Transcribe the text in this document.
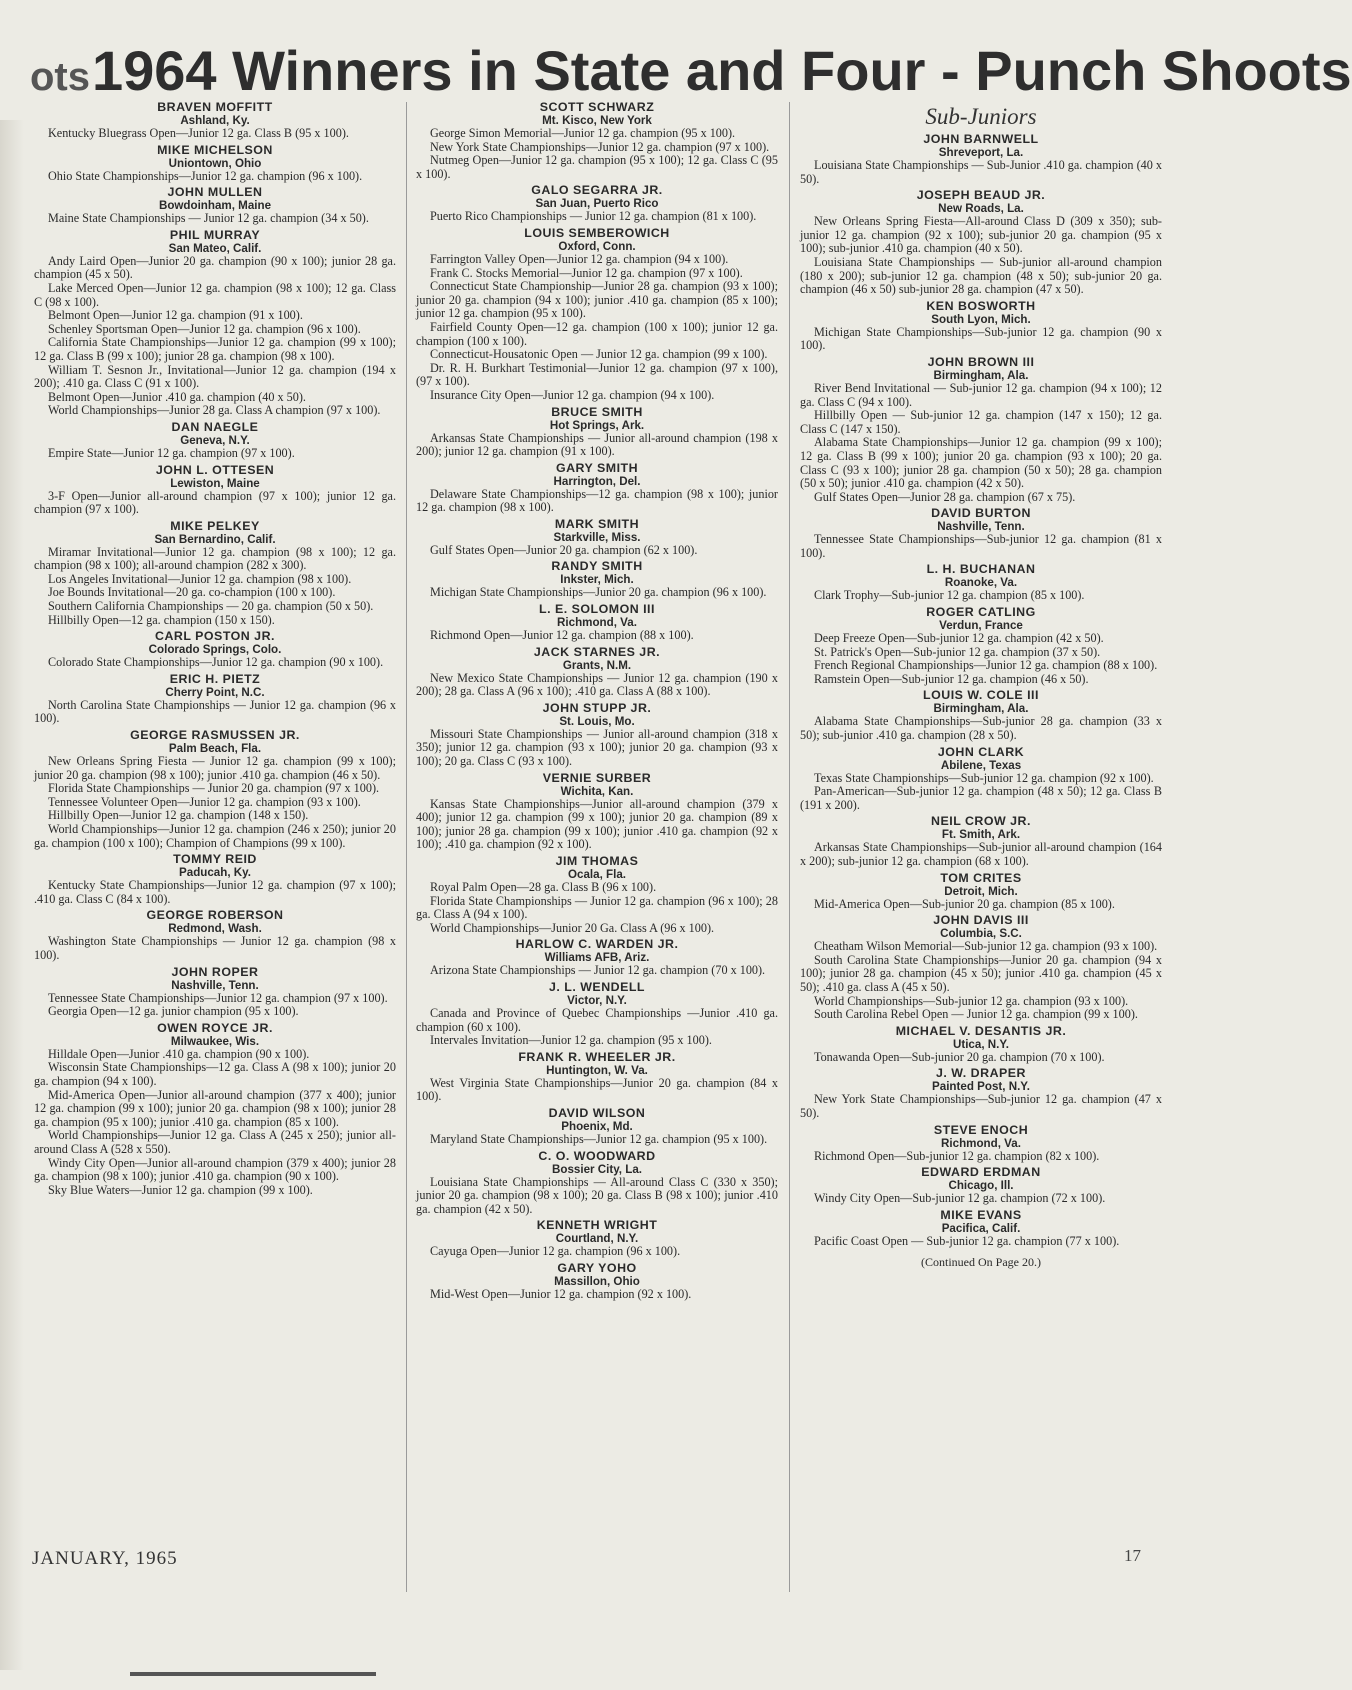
ots1964 Winners in State and Four - Punch Shoots
BRAVEN MOFFITT
Ashland, Ky.

Kentucky Bluegrass Open—Junior 12 ga. Class B (95 x 100).

MIKE MICHELSON
Uniontown, Ohio

Ohio State Championships—Junior 12 ga. champion (96 x 100).

JOHN MULLEN
Bowdoinham, Maine

Maine State Championships — Junior 12 ga. champion (34 x 50).

PHIL MURRAY
San Mateo, Calif.

Andy Laird Open—Junior 20 ga. champion (90 x 100); junior 28 ga. champion (45 x 50).

Lake Merced Open—Junior 12 ga. champion (98 x 100); 12 ga. Class C (98 x 100).

Belmont Open—Junior 12 ga. champion (91 x 100).

Schenley Sportsman Open—Junior 12 ga. champion (96 x 100).

California State Championships—Junior 12 ga. champion (99 x 100); 12 ga. Class B (99 x 100); junior 28 ga. champion (98 x 100).

William T. Sesnon Jr., Invitational—Junior 12 ga. champion (194 x 200); .410 ga. Class C (91 x 100).

Belmont Open—Junior .410 ga. champion (40 x 50).

World Championships—Junior 28 ga. Class A champion (97 x 100).

DAN NAEGLE
Geneva, N.Y.

Empire State—Junior 12 ga. champion (97 x 100).

JOHN L. OTTESEN
Lewiston, Maine

3-F Open—Junior all-around champion (97 x 100); junior 12 ga. champion (97 x 100).

MIKE PELKEY
San Bernardino, Calif.

Miramar Invitational—Junior 12 ga. champion (98 x 100); 12 ga. champion (98 x 100); all-around champion (282 x 300).

Los Angeles Invitational—Junior 12 ga. champion (98 x 100).

Joe Bounds Invitational—20 ga. co-champion (100 x 100).

Southern California Championships — 20 ga. champion (50 x 50).

Hillbilly Open—12 ga. champion (150 x 150).

CARL POSTON JR.
Colorado Springs, Colo.

Colorado State Championships—Junior 12 ga. champion (90 x 100).

ERIC H. PIETZ
Cherry Point, N.C.

North Carolina State Championships — Junior 12 ga. champion (96 x 100).

GEORGE RASMUSSEN JR.
Palm Beach, Fla.

New Orleans Spring Fiesta — Junior 12 ga. champion (99 x 100); junior 20 ga. champion (98 x 100); junior .410 ga. champion (46 x 50).

Florida State Championships — Junior 20 ga. champion (97 x 100).

Tennessee Volunteer Open—Junior 12 ga. champion (93 x 100).

Hillbilly Open—Junior 12 ga. champion (148 x 150).

World Championships—Junior 12 ga. champion (246 x 250); junior 20 ga. champion (100 x 100); Champion of Champions (99 x 100).

TOMMY REID
Paducah, Ky.

Kentucky State Championships—Junior 12 ga. champion (97 x 100); .410 ga. Class C (84 x 100).

GEORGE ROBERSON
Redmond, Wash.

Washington State Championships — Junior 12 ga. champion (98 x 100).

JOHN ROPER
Nashville, Tenn.

Tennessee State Championships—Junior 12 ga. champion (97 x 100).

Georgia Open—12 ga. junior champion (95 x 100).

OWEN ROYCE JR.
Milwaukee, Wis.

Hilldale Open—Junior .410 ga. champion (90 x 100).

Wisconsin State Championships—12 ga. Class A (98 x 100); junior 20 ga. champion (94 x 100).

Mid-America Open—Junior all-around champion (377 x 400); junior 12 ga. champion (99 x 100); junior 20 ga. champion (98 x 100); junior 28 ga. champion (95 x 100); junior .410 ga. champion (85 x 100).

World Championships—Junior 12 ga. Class A (245 x 250); junior all-around Class A (528 x 550).

Windy City Open—Junior all-around champion (379 x 400); junior 28 ga. champion (98 x 100); junior .410 ga. champion (90 x 100).

Sky Blue Waters—Junior 12 ga. champion (99 x 100).

SCOTT SCHWARZ
Mt. Kisco, New York

George Simon Memorial—Junior 12 ga. champion (95 x 100).

New York State Championships—Junior 12 ga. champion (97 x 100).

Nutmeg Open—Junior 12 ga. champion (95 x 100); 12 ga. Class C (95 x 100).

GALO SEGARRA JR.
San Juan, Puerto Rico

Puerto Rico Championships — Junior 12 ga. champion (81 x 100).

LOUIS SEMBEROWICH
Oxford, Conn.

Farrington Valley Open—Junior 12 ga. champion (94 x 100).

Frank C. Stocks Memorial—Junior 12 ga. champion (97 x 100).

Connecticut State Championship—Junior 28 ga. champion (93 x 100); junior 20 ga. champion (94 x 100); junior .410 ga. champion (85 x 100); junior 12 ga. champion (95 x 100).

Fairfield County Open—12 ga. champion (100 x 100); junior 12 ga. champion (100 x 100).

Connecticut-Housatonic Open — Junior 12 ga. champion (99 x 100).

Dr. R. H. Burkhart Testimonial—Junior 12 ga. champion (97 x 100), (97 x 100).

Insurance City Open—Junior 12 ga. champion (94 x 100).

BRUCE SMITH
Hot Springs, Ark.

Arkansas State Championships — Junior all-around champion (198 x 200); junior 12 ga. champion (91 x 100).

GARY SMITH
Harrington, Del.

Delaware State Championships—12 ga. champion (98 x 100); junior 12 ga. champion (98 x 100).

MARK SMITH
Starkville, Miss.

Gulf States Open—Junior 20 ga. champion (62 x 100).

RANDY SMITH
Inkster, Mich.

Michigan State Championships—Junior 20 ga. champion (96 x 100).

L. E. SOLOMON III
Richmond, Va.

Richmond Open—Junior 12 ga. champion (88 x 100).

JACK STARNES JR.
Grants, N.M.

New Mexico State Championships — Junior 12 ga. champion (190 x 200); 28 ga. Class A (96 x 100); .410 ga. Class A (88 x 100).

JOHN STUPP JR.
St. Louis, Mo.

Missouri State Championships — Junior all-around champion (318 x 350); junior 12 ga. champion (93 x 100); junior 20 ga. champion (93 x 100); 20 ga. Class C (93 x 100).

VERNIE SURBER
Wichita, Kan.

Kansas State Championships—Junior all-around champion (379 x 400); junior 12 ga. champion (99 x 100); junior 20 ga. champion (89 x 100); junior 28 ga. champion (99 x 100); junior .410 ga. champion (92 x 100); .410 ga. champion (92 x 100).

JIM THOMAS
Ocala, Fla.

Royal Palm Open—28 ga. Class B (96 x 100).

Florida State Championships — Junior 12 ga. champion (96 x 100); 28 ga. Class A (94 x 100).

World Championships—Junior 20 Ga. Class A (96 x 100).

HARLOW C. WARDEN JR.
Williams AFB, Ariz.

Arizona State Championships — Junior 12 ga. champion (70 x 100).

J. L. WENDELL
Victor, N.Y.

Canada and Province of Quebec Championships —Junior .410 ga. champion (60 x 100).

Intervales Invitation—Junior 12 ga. champion (95 x 100).

FRANK R. WHEELER JR.
Huntington, W. Va.

West Virginia State Championships—Junior 20 ga. champion (84 x 100).

DAVID WILSON
Phoenix, Md.

Maryland State Championships—Junior 12 ga. champion (95 x 100).

C. O. WOODWARD
Bossier City, La.

Louisiana State Championships — All-around Class C (330 x 350); junior 20 ga. champion (98 x 100); 20 ga. Class B (98 x 100); junior .410 ga. champion (42 x 50).

KENNETH WRIGHT
Courtland, N.Y.

Cayuga Open—Junior 12 ga. champion (96 x 100).

GARY YOHO
Massillon, Ohio

Mid-West Open—Junior 12 ga. champion (92 x 100).

Sub-Juniors
JOHN BARNWELL
Shreveport, La.

Louisiana State Championships — Sub-Junior .410 ga. champion (40 x 50).

JOSEPH BEAUD JR.
New Roads, La.

New Orleans Spring Fiesta—All-around Class D (309 x 350); sub-junior 12 ga. champion (92 x 100); sub-junior 20 ga. champion (95 x 100); sub-junior .410 ga. champion (40 x 50).

Louisiana State Championships — Sub-junior all-around champion (180 x 200); sub-junior 12 ga. champion (48 x 50); sub-junior 20 ga. champion (46 x 50) sub-junior 28 ga. champion (47 x 50).

KEN BOSWORTH
South Lyon, Mich.

Michigan State Championships—Sub-junior 12 ga. champion (90 x 100).

JOHN BROWN III
Birmingham, Ala.

River Bend Invitational — Sub-junior 12 ga. champion (94 x 100); 12 ga. Class C (94 x 100).

Hillbilly Open — Sub-junior 12 ga. champion (147 x 150); 12 ga. Class C (147 x 150).

Alabama State Championships—Junior 12 ga. champion (99 x 100); 12 ga. Class B (99 x 100); junior 20 ga. champion (93 x 100); 20 ga. Class C (93 x 100); junior 28 ga. champion (50 x 50); 28 ga. champion (50 x 50); junior .410 ga. champion (42 x 50).

Gulf States Open—Junior 28 ga. champion (67 x 75).

DAVID BURTON
Nashville, Tenn.

Tennessee State Championships—Sub-junior 12 ga. champion (81 x 100).

L. H. BUCHANAN
Roanoke, Va.

Clark Trophy—Sub-junior 12 ga. champion (85 x 100).

ROGER CATLING
Verdun, France

Deep Freeze Open—Sub-junior 12 ga. champion (42 x 50).

St. Patrick's Open—Sub-junior 12 ga. champion (37 x 50).

French Regional Championships—Junior 12 ga. champion (88 x 100).

Ramstein Open—Sub-junior 12 ga. champion (46 x 50).

LOUIS W. COLE III
Birmingham, Ala.

Alabama State Championships—Sub-junior 28 ga. champion (33 x 50); sub-junior .410 ga. champion (28 x 50).

JOHN CLARK
Abilene, Texas

Texas State Championships—Sub-junior 12 ga. champion (92 x 100).

Pan-American—Sub-junior 12 ga. champion (48 x 50); 12 ga. Class B (191 x 200).

NEIL CROW JR.
Ft. Smith, Ark.

Arkansas State Championships—Sub-junior all-around champion (164 x 200); sub-junior 12 ga. champion (68 x 100).

TOM CRITES
Detroit, Mich.

Mid-America Open—Sub-junior 20 ga. champion (85 x 100).

JOHN DAVIS III
Columbia, S.C.

Cheatham Wilson Memorial—Sub-junior 12 ga. champion (93 x 100).

South Carolina State Championships—Junior 20 ga. champion (94 x 100); junior 28 ga. champion (45 x 50); junior .410 ga. champion (45 x 50); .410 ga. class A (45 x 50).

World Championships—Sub-junior 12 ga. champion (93 x 100).

South Carolina Rebel Open — Junior 12 ga. champion (99 x 100).

MICHAEL V. DESANTIS JR.
Utica, N.Y.

Tonawanda Open—Sub-junior 20 ga. champion (70 x 100).

J. W. DRAPER
Painted Post, N.Y.

New York State Championships—Sub-junior 12 ga. champion (47 x 50).

STEVE ENOCH
Richmond, Va.

Richmond Open—Sub-junior 12 ga. champion (82 x 100).

EDWARD ERDMAN
Chicago, Ill.

Windy City Open—Sub-junior 12 ga. champion (72 x 100).

MIKE EVANS
Pacifica, Calif.

Pacific Coast Open — Sub-junior 12 ga. champion (77 x 100).

(Continued On Page 20.)
JANUARY, 1965	17
